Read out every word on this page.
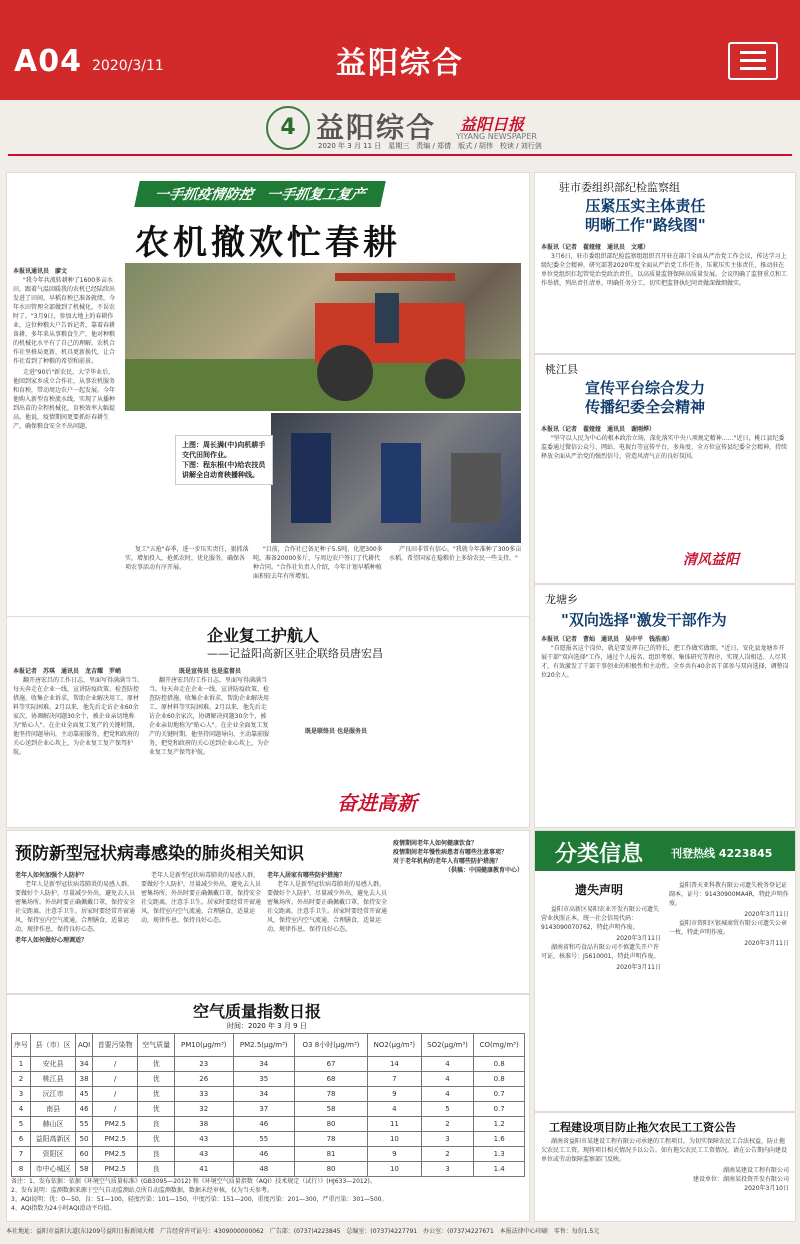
A04 2020/3/11	益阳综合
4 益阳综合 益阳日报
YIYANG NEWSPAPER
2020 年 3 月 11 日　星期三　责编 / 郑倩　版式 / 胡伟　校读 / 刘行剑
一手抓疫情防控　一手抓复工复产
农机撤欢忙春耕
本报讯通讯员　廖文

"我今年共流转耕种了1600多亩水田，跟着气温回暖我的农机已经陆续出发进了田间，早稻育秧已准备就绪，今年水田管理全部做到了机械化，不误农时了。"3月9日，参加大地上的春耕作业，这位种粮大户告诉记者，靠着春耕备耕，多年来从事粮食生产，他对种粮的机械化水平有了自己的理解。农机合作社里格局更新，机具更新换代，让合作社看到了种粮的希望和前景。

走进"90后"新农民，大学毕业后，他回到家乡成立合作社，从事农机服务和育秧，带动周边农户一起发展。今年他购入新型育秧流水线，实现了从播种到出苗的全程机械化，育秧效率大幅提高。他说，疫情期间更要抓好春耕生产，确保粮食安全不出问题。

上图：周长满(中)向机耕手交代田间作业。
下图：程东根(中)给农技员讲解全自动育秧播种线。

复工"五抢"春季，进一步压实责任，狠抓落实，增加投入，抢抓农时，优化服务，确保各项农事活动有序开展。

"目前，合作社已备足种子5.5吨、化肥300多吨，准备20000多斤，与周边农户签订了代耕代种合同。"合作社负责人介绍，今年计划早稻种植面积较去年有所增加。

产良田非常有信心。"我就今年准种了300多亩水稻，希望国家在稳粮价上多给农民一些支持。"

企业复工护航人
——记益阳高新区驻企联络员唐宏昌
本报记者　苏琪　通讯员　龙吉耀　罗峭

翻开唐宏昌的工作日志，里面写得满满当当。每天奔走在企业一线，宣讲防疫政策、检查防控措施、收集企业诉求，帮助企业解决用工、原材料等实际困难。2月以来，他先后走访企业60余家次，协调解决问题30余个，被企业亲切地称为"贴心人"。在企业全面复工复产的关键时期，他坚持问题导向，主动靠前服务，把党和政府的关心送到企业心坎上，为企业复工复产保驾护航。

既是宣传员 也是监督员

翻开唐宏昌的工作日志，里面写得满满当当。每天奔走在企业一线，宣讲防疫政策、检查防控措施、收集企业诉求，帮助企业解决用工、原材料等实际困难。2月以来，他先后走访企业60余家次，协调解决问题30余个，被企业亲切地称为"贴心人"。在企业全面复工复产的关键时期，他坚持问题导向，主动靠前服务，把党和政府的关心送到企业心坎上，为企业复工复产保驾护航。

既是联络员 也是服务员
奋进高新
驻市委组织部纪检监察组
压紧压实主体责任
明晰工作"路线图"
本报讯（记者　翟娅娅　通讯员　文瑾）

3月6日，驻市委组织部纪检监察组组织召开驻在部门全面从严治党工作会议，传达学习上级纪委全会精神，研究部署2020年度全面从严治党工作任务，压紧压实主体责任，推动驻在单位党组织扛起管党治党政治责任，以高质量监督保障高质量发展。会议明确了监督重点和工作举措，列出责任清单，明确任务分工，切实把监督执纪问责做深做细做实。

桃江县
宣传平台综合发力
传播纪委全会精神
本报讯（记者　翟娅娅　通讯员　谢刚烨）

"坚守以人民为中心的根本政治立场，深化落实中央八项规定精神……"近日，桃江县纪委监委通过微信公众号、网站、电视台等宣传平台，多角度、全方位宣传县纪委全会精神，持续释放全面从严治党的强烈信号，营造风清气正的良好氛围。

清风益阳
龙塘乡
"双向选择"激发干部作为
本报讯（记者　曹灿　通讯员　吴中平　钱浩南）

"自愿报名这个岗位，就是要发挥自己的特长，把工作做实做细。"近日，安化县龙塘乡开展干部"双向选择"工作，通过个人报名、组织考察、集体研究等程序，实现人岗相适、人尽其才，有效激发了干部干事创业的积极性和主动性。全乡共有40余名干部参与双向选择，调整岗位20余人。

预防新型冠状病毒感染的肺炎相关知识
老年人如何加强个人防护？

老年人是新型冠状病毒肺炎的易感人群，要做好个人防护，尽量减少外出，避免去人员密集场所。外出时要正确佩戴口罩，保持安全社交距离，注意手卫生。居家时要经常开窗通风，保持室内空气流通，合理膳食，适量运动，规律作息，保持良好心态。

老年人如何做好心理调适？

老年人是新型冠状病毒肺炎的易感人群，要做好个人防护，尽量减少外出，避免去人员密集场所。外出时要正确佩戴口罩，保持安全社交距离，注意手卫生。居家时要经常开窗通风，保持室内空气流通，合理膳食，适量运动，规律作息，保持良好心态。

老年人居家有哪些防护措施？

老年人是新型冠状病毒肺炎的易感人群，要做好个人防护，尽量减少外出，避免去人员密集场所。外出时要正确佩戴口罩，保持安全社交距离，注意手卫生。居家时要经常开窗通风，保持室内空气流通，合理膳食，适量运动，规律作息，保持良好心态。

疫情期间老年人如何健康饮食？
疫情期间老年慢性病患者有哪些注意事项？
对于老年机构的老年人有哪些防护措施？
（供稿：中国健康教育中心）
空气质量指数日报
时间：2020 年 3 月 9 日
序号	县（市）区	AQI	首要污染物	空气质量	PM10(μg/m³)	PM2.5(μg/m³)	O3 8小时(μg/m³)	NO2(μg/m³)	SO2(μg/m³)	CO(mg/m³)
1	安化县	34	/	优	23	34	67	14	4	0.8
2	桃江县	38	/	优	26	35	68	7	4	0.8
3	沅江市	45	/	优	33	34	78	9	4	0.7
4	南县	46	/	优	32	37	58	4	5	0.7
5	赫山区	55	PM2.5	良	38	46	80	11	2	1.2
6	益阳高新区	50	PM2.5	优	43	55	78	10	3	1.6
7	资阳区	60	PM2.5	良	43	46	81	9	2	1.3
8	市中心城区	58	PM2.5	良	41	48	80	10	3	1.4
备注：1、发布依据：依据《环境空气质量标准》(GB3095—2012) 和《环境空气质量指数（AQI）技术规定（试行）》(HJ633—2012)。
2、发布说明：监测数据来源于空气自动监测站点所自动监测数据，数据未经审核，仅为当天参考。
3、AQI说明：优：0—50，良：51—100，轻度污染：101—150，中度污染：151—200，重度污染：201—300，严重污染：301—500。
4、AQI指数为24小时AQI滑动平均值。
分类信息	刊登热线 4223845
遗失声明

益阳市高新区易阳农业开发有限公司遗失营业执照正本，统一社会信用代码：9143090070762，特此声明作废。

2020年3月11日

湖南省和巧食品有限公司不慎遗失开户许可证，核准号：J5610001，特此声明作废。

2020年3月11日

益阳普天亚科教有限公司遗失税务登记证副本，证号：91430900MA4R，特此声明作废。

2020年3月11日

益阳市资阳区银城商贸有限公司遗失公章一枚，特此声明作废。

2020年3月11日
工程建设项目防止拖欠农民工工资公告

湖南省益阳市某建设工程有限公司承建的工程项目，为切实保障农民工合法权益，防止拖欠农民工工资，现将项目相关情况予以公告。如有拖欠农民工工资情况，请在公告期内向建设单位或劳动保障监察部门反映。

湖南某建设工程有限公司
建设单位：湖南某投资开发有限公司
2020年3月10日
本社地址：益阳市益阳大道(东)209号益阳日报新闻大楼　广告经营许可证号：4309000000062　广告部：(0737)4223845　总编室：(0737)4227791　办公室：(0737)4227671　本报法律中心印刷　零售：每份1.5元
